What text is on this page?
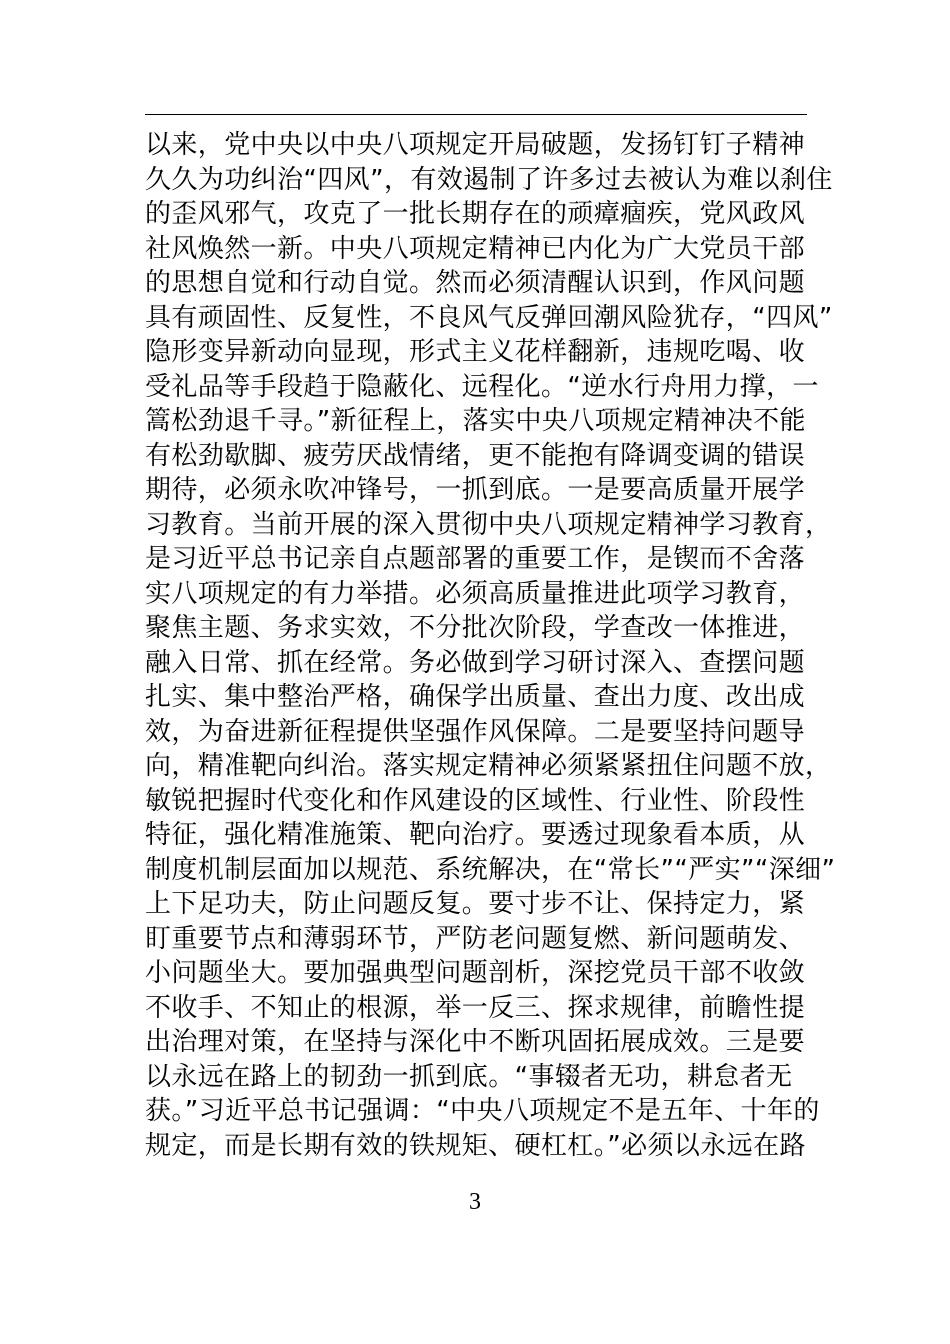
以来，党中央以中央八项规定开局破题，发扬钉钉子精神
久久为功纠治“四风”，有效遏制了许多过去被认为难以刹住
的歪风邪气，攻克了一批长期存在的顽瘴痼疾，党风政风
社风焕然一新。中央八项规定精神已内化为广大党员干部
的思想自觉和行动自觉。然而必须清醒认识到，作风问题
具有顽固性、反复性，不良风气反弹回潮风险犹存，“四风”
隐形变异新动向显现，形式主义花样翻新，违规吃喝、收
受礼品等手段趋于隐蔽化、远程化。“逆水行舟用力撑，一
篙松劲退千寻。”新征程上，落实中央八项规定精神决不能
有松劲歇脚、疲劳厌战情绪，更不能抱有降调变调的错误
期待，必须永吹冲锋号，一抓到底。一是要高质量开展学
习教育。当前开展的深入贯彻中央八项规定精神学习教育，
是习近平总书记亲自点题部署的重要工作，是锲而不舍落
实八项规定的有力举措。必须高质量推进此项学习教育，
聚焦主题、务求实效，不分批次阶段，学查改一体推进，
融入日常、抓在经常。务必做到学习研讨深入、查摆问题
扎实、集中整治严格，确保学出质量、查出力度、改出成
效，为奋进新征程提供坚强作风保障。二是要坚持问题导
向，精准靶向纠治。落实规定精神必须紧紧扭住问题不放，
敏锐把握时代变化和作风建设的区域性、行业性、阶段性
特征，强化精准施策、靶向治疗。要透过现象看本质，从
制度机制层面加以规范、系统解决，在“常长”“严实”“深细”
上下足功夫，防止问题反复。要寸步不让、保持定力，紧
盯重要节点和薄弱环节，严防老问题复燃、新问题萌发、
小问题坐大。要加强典型问题剖析，深挖党员干部不收敛
不收手、不知止的根源，举一反三、探求规律，前瞻性提
出治理对策，在坚持与深化中不断巩固拓展成效。三是要
以永远在路上的韧劲一抓到底。“事辍者无功，耕怠者无
获。”习近平总书记强调：“中央八项规定不是五年、十年的
规定，而是长期有效的铁规矩、硬杠杠。”必须以永远在路
3
